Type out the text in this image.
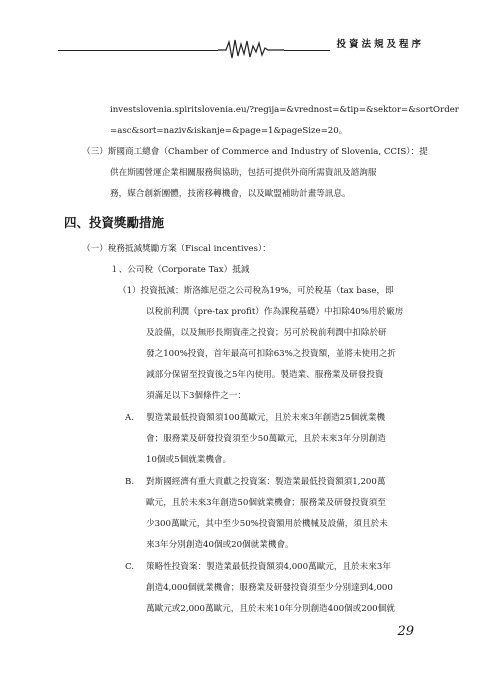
投資法規及程序
investslovenia.spiritslovenia.eu/?regija=&vrednost=&tip=&sektor=&sortOrder
=asc&sort=naziv&iskanje=&page=1&pageSize=20。
（三）斯國商工總會（Chamber of Commerce and Industry of Slovenia, CCIS）：提
供在斯國營運企業相關服務與協助，包括可提供外商所需資訊及諮詢服
務，媒合創新團體，技術移轉機會，以及歐盟補助計畫等訊息。
四、投資獎勵措施
（一）稅務抵減獎勵方案（Fiscal incentives）：
１、公司稅（Corporate Tax）抵減
（1）投資抵減：斯洛維尼亞之公司稅為19%，可於稅基（tax base，即
以稅前利潤（pre-tax profit）作為課稅基礎）中扣除40%用於廠房
及設備，以及無形長期資產之投資；另可於稅前利潤中扣除於研
發之100%投資，首年最高可扣除63%之投資額，並將未使用之折
減部分保留至投資後之5年內使用。製造業、服務業及研發投資
須滿足以下3個條件之一：
A. 製造業最低投資額須100萬歐元，且於未來3年創造25個就業機
會；服務業及研發投資須至少50萬歐元，且於未來3年分別創造
10個或5個就業機會。
B. 對斯國經濟有重大貢獻之投資案：製造業最低投資額須1,200萬
歐元，且於未來3年創造50個就業機會；服務業及研發投資須至
少300萬歐元，其中至少50%投資額用於機械及設備，須且於未
來3年分別創造40個或20個就業機會。
C. 策略性投資案：製造業最低投資額須4,000萬歐元，且於未來3年
創造4,000個就業機會；服務業及研發投資須至少分別達到4,000
萬歐元或2,000萬歐元，且於未來10年分別創造400個或200個就
29
